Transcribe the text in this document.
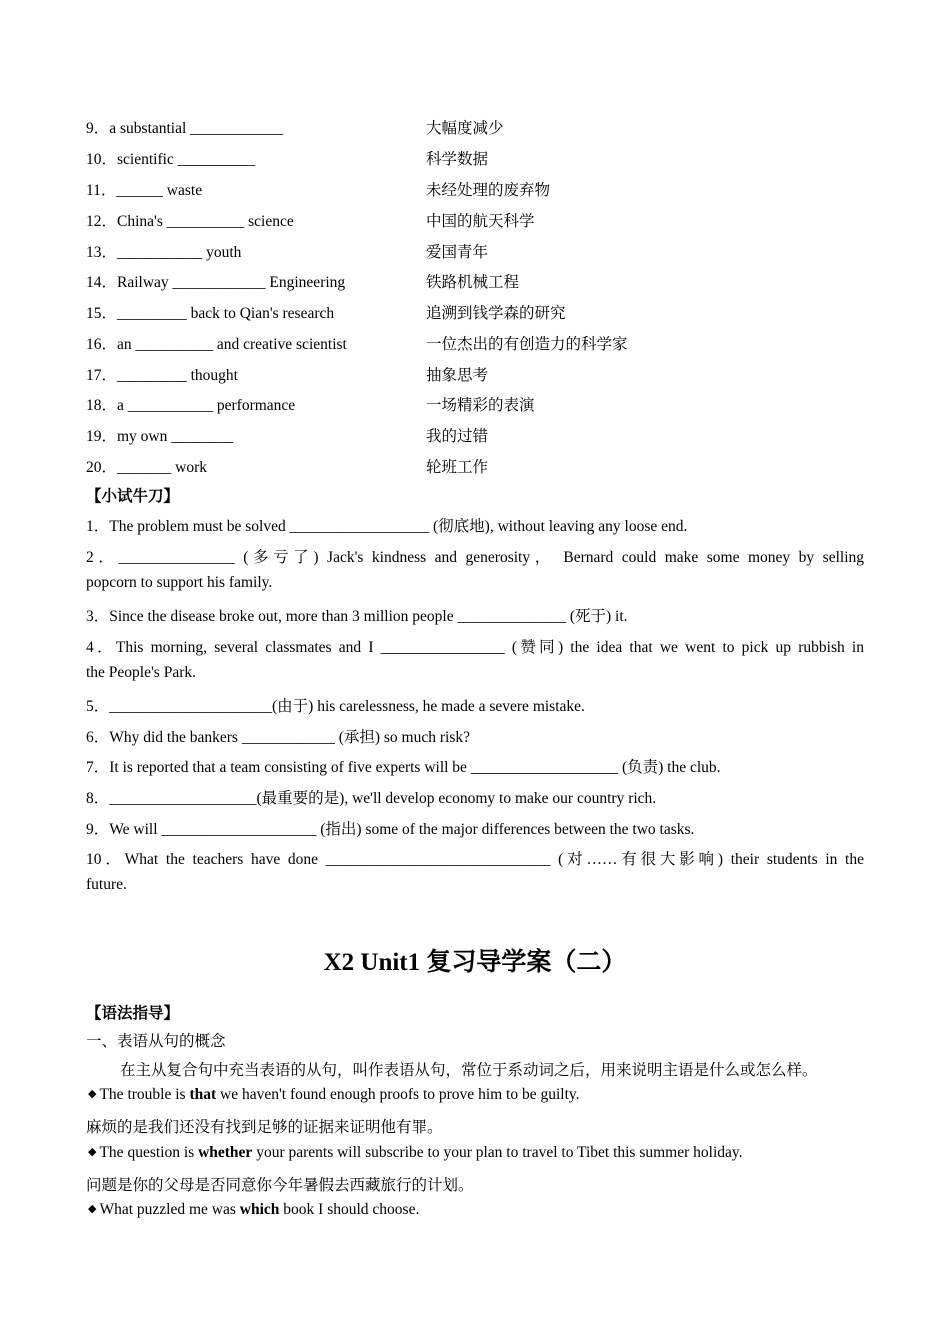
9．a substantial ____________	大幅度减少
10．scientific __________	科学数据
11．______ waste	未经处理的废弃物
12．China's __________ science	中国的航天科学
13．___________ youth	爱国青年
14．Railway ____________ Engineering	铁路机械工程
15．_________ back to Qian's research	追溯到钱学森的研究
16．an __________ and creative scientist	一位杰出的有创造力的科学家
17．_________ thought	抽象思考
18．a ___________ performance	一场精彩的表演
19．my own ________	我的过错
20．_______ work	轮班工作
【小试牛刀】
1．The problem must be solved __________________ (彻底地), without leaving any loose end.
2．_______________ (多亏了) Jack's kindness and generosity， Bernard could make some money by selling
popcorn to support his family.
3．Since the disease broke out, more than 3 million people ______________ (死于) it.
4．This morning, several classmates and I ________________ (赞同) the idea that we went to pick up rubbish in
the People's Park.
5．_____________________(由于) his carelessness, he made a severe mistake.
6．Why did the bankers ____________ (承担) so much risk?
7．It is reported that a team consisting of five experts will be ___________________ (负责) the club.
8．___________________(最重要的是), we'll develop economy to make our country rich.
9．We will ____________________ (指出) some of the major differences between the two tasks.
10．What the teachers have done _____________________________ (对……有很大影响) their students in the
future.
X2 Unit1 复习导学案（二）
【语法指导】
一、表语从句的概念
在主从复合句中充当表语的从句，叫作表语从句，常位于系动词之后，用来说明主语是什么或怎么样。
◆ The trouble is that we haven't found enough proofs to prove him to be guilty.
麻烦的是我们还没有找到足够的证据来证明他有罪。
◆ The question is whether your parents will subscribe to your plan to travel to Tibet this summer holiday.
问题是你的父母是否同意你今年暑假去西藏旅行的计划。
◆ What puzzled me was which book I should choose.
